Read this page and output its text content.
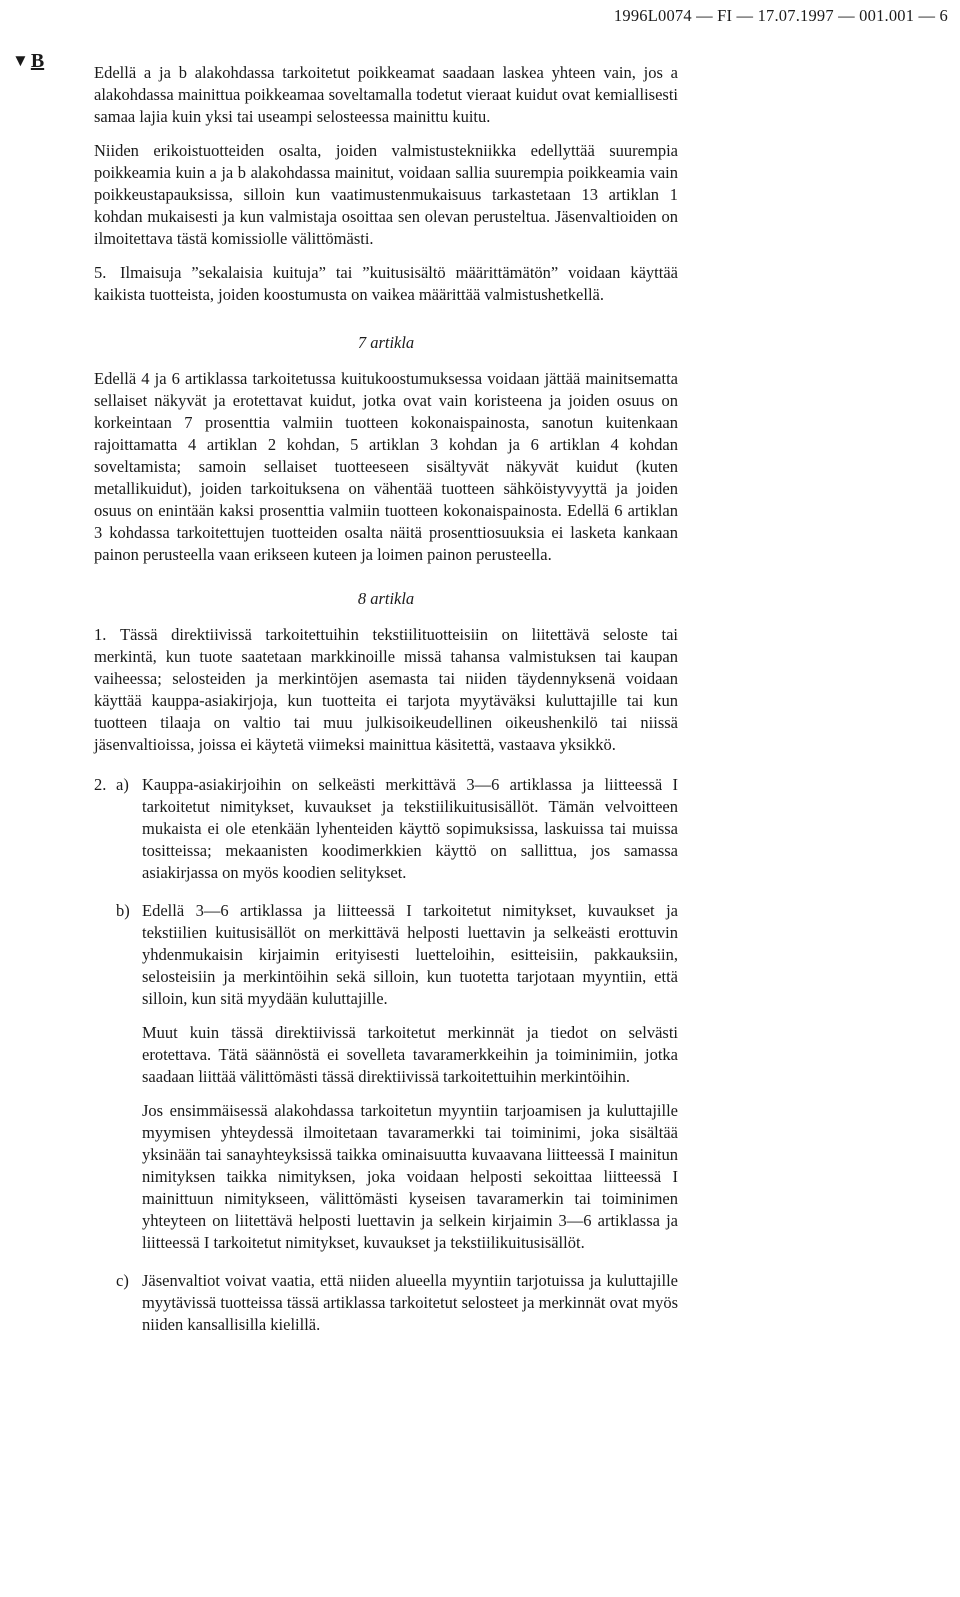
1996L0074 — FI — 17.07.1997 — 001.001 — 6
▼ B

Edellä a ja b alakohdassa tarkoitetut poikkeamat saadaan laskea yhteen vain, jos a alakohdassa mainittua poikkeamaa soveltamalla todetut vieraat kuidut ovat kemiallisesti samaa lajia kuin yksi tai useampi selosteessa mainittu kuitu.

Niiden erikoistuotteiden osalta, joiden valmistustekniikka edellyttää suurempia poikkeamia kuin a ja b alakohdassa mainitut, voidaan sallia suurempia poikkeamia vain poikkeustapauksissa, silloin kun vaatimustenmukaisuus tarkastetaan 13 artiklan 1 kohdan mukaisesti ja kun valmistaja osoittaa sen olevan perusteltua. Jäsenvaltioiden on ilmoitettava tästä komissiolle välittömästi.

5. Ilmaisuja ”sekalaisia kuituja” tai ”kuitusisältö määrittämätön” voidaan käyttää kaikista tuotteista, joiden koostumusta on vaikea määrittää valmistushetkellä.

7 artikla

Edellä 4 ja 6 artiklassa tarkoitetussa kuitukoostumuksessa voidaan jättää mainitsematta sellaiset näkyvät ja erotettavat kuidut, jotka ovat vain koristeena ja joiden osuus on korkeintaan 7 prosenttia valmiin tuotteen kokonaispainosta, sanotun kuitenkaan rajoittamatta 4 artiklan 2 kohdan, 5 artiklan 3 kohdan ja 6 artiklan 4 kohdan soveltamista; samoin sellaiset tuotteeseen sisältyvät näkyvät kuidut (kuten metallikuidut), joiden tarkoituksena on vähentää tuotteen sähköistyvyyttä ja joiden osuus on enintään kaksi prosenttia valmiin tuotteen kokonaispainosta. Edellä 6 artiklan 3 kohdassa tarkoitettujen tuotteiden osalta näitä prosenttiosuuksia ei lasketa kankaan painon perusteella vaan erikseen kuteen ja loimen painon perusteella.

8 artikla

1. Tässä direktiivissä tarkoitettuihin tekstiilituotteisiin on liitettävä seloste tai merkintä, kun tuote saatetaan markkinoille missä tahansa valmistuksen tai kaupan vaiheessa; selosteiden ja merkintöjen asemasta tai niiden täydennyksenä voidaan käyttää kauppa-asiakirjoja, kun tuotteita ei tarjota myytäväksi kuluttajille tai kun tuotteen tilaaja on valtio tai muu julkisoikeudellinen oikeushenkilö tai niissä jäsenvaltioissa, joissa ei käytetä viimeksi mainittua käsitettä, vastaava yksikkö.

2. a) Kauppa-asiakirjoihin on selkeästi merkittävä 3—6 artiklassa ja liitteessä I tarkoitetut nimitykset, kuvaukset ja tekstiilikuitusisällöt. Tämän velvoitteen mukaista ei ole etenkään lyhenteiden käyttö sopimuksissa, laskuissa tai muissa tositteissa; mekaanisten koodimerkkien käyttö on sallittua, jos samassa asiakirjassa on myös koodien selitykset.
b) Edellä 3—6 artiklassa ja liitteessä I tarkoitetut nimitykset, kuvaukset ja tekstiilien kuitusisällöt on merkittävä helposti luettavin ja selkeästi erottuvin yhdenmukaisin kirjaimin erityisesti luetteloihin, esitteisiin, pakkauksiin, selosteisiin ja merkintöihin sekä silloin, kun tuotetta tarjotaan myyntiin, että silloin, kun sitä myydään kuluttajille.

Muut kuin tässä direktiivissä tarkoitetut merkinnät ja tiedot on selvästi erotettava. Tätä säännöstä ei sovelleta tavaramerkkeihin ja toiminimiin, jotka saadaan liittää välittömästi tässä direktiivissä tarkoitettuihin merkintöihin.

Jos ensimmäisessä alakohdassa tarkoitetun myyntiin tarjoamisen ja kuluttajille myymisen yhteydessä ilmoitetaan tavaramerkki tai toiminimi, joka sisältää yksinään tai sanayhteyksissä taikka ominaisuutta kuvaavana liitteessä I mainitun nimityksen taikka nimityksen, joka voidaan helposti sekoittaa liitteessä I mainittuun nimitykseen, välittömästi kyseisen tavaramerkin tai toiminimen yhteyteen on liitettävä helposti luettavin ja selkein kirjaimin 3—6 artiklassa ja liitteessä I tarkoitetut nimitykset, kuvaukset ja tekstiilikuitusisällöt.

c) Jäsenvaltiot voivat vaatia, että niiden alueella myyntiin tarjotuissa ja kuluttajille myytävissä tuotteissa tässä artiklassa tarkoitetut selosteet ja merkinnät ovat myös niiden kansallisilla kielillä.
